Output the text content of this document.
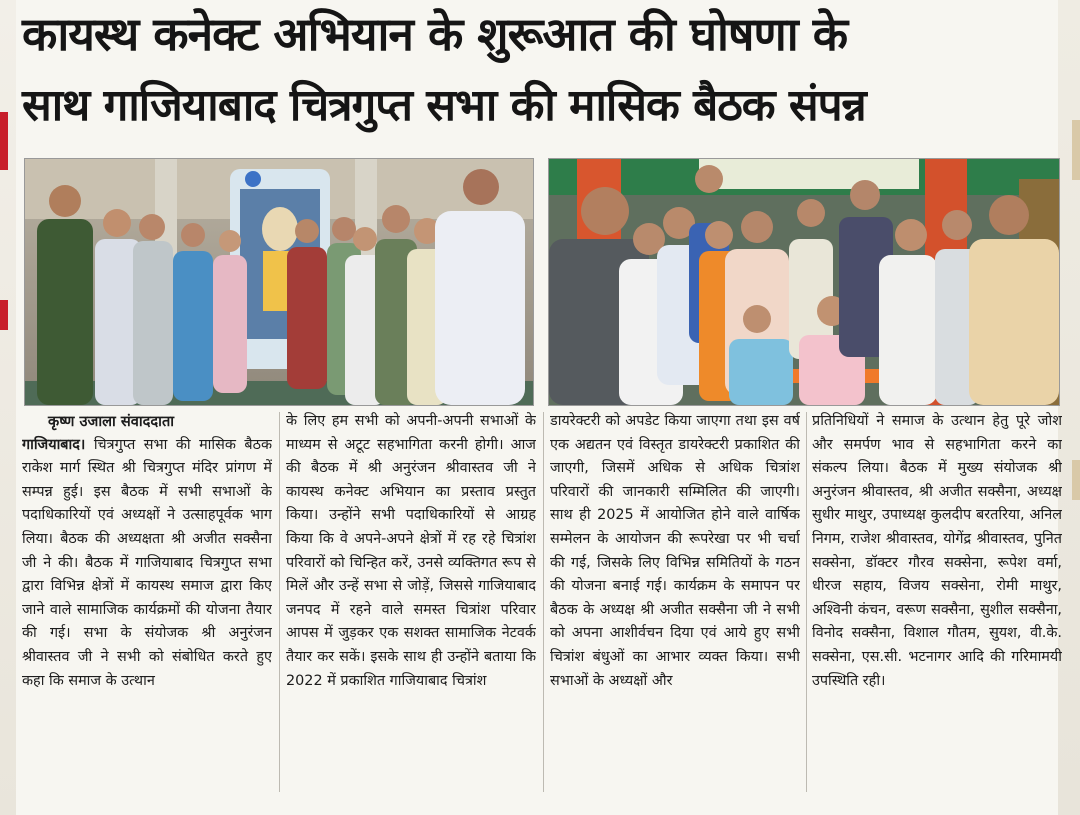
कायस्थ कनेक्ट अभियान के शुरूआत की घोषणा के
साथ गाजियाबाद चित्रगुप्त सभा की मासिक बैठक संपन्न
कृष्ण उजाला संवाददाता

गाजियाबाद। चित्रगुप्त सभा की मासिक बैठक राकेश मार्ग स्थित श्री चित्रगुप्त मंदिर प्रांगण में सम्पन्न हुई। इस बैठक में सभी सभाओं के पदाधिकारियों एवं अध्यक्षों ने उत्साहपूर्वक भाग लिया। बैठक की अध्यक्षता श्री अजीत सक्सैना जी ने की। बैठक में गाजियाबाद चित्रगुप्त सभा द्वारा विभिन्न क्षेत्रों में कायस्थ समाज द्वारा किए जाने वाले सामाजिक कार्यक्रमों की योजना तैयार की गई। सभा के संयोजक श्री अनुरंजन श्रीवास्तव जी ने सभी को संबोधित करते हुए कहा कि समाज के उत्थान

के लिए हम सभी को अपनी-अपनी सभाओं के माध्यम से अटूट सहभागिता करनी होगी। आज की बैठक में श्री अनुरंजन श्रीवास्तव जी ने कायस्थ कनेक्ट अभियान का प्रस्ताव प्रस्तुत किया। उन्होंने सभी पदाधिकारियों से आग्रह किया कि वे अपने-अपने क्षेत्रों में रह रहे चित्रांश परिवारों को चिन्हित करें, उनसे व्यक्तिगत रूप से मिलें और उन्हें सभा से जोड़ें, जिससे गाजियाबाद जनपद में रहने वाले समस्त चित्रांश परिवार आपस में जुड़कर एक सशक्त सामाजिक नेटवर्क तैयार कर सकें। इसके साथ ही उन्होंने बताया कि 2022 में प्रकाशित गाजियाबाद चित्रांश

डायरेक्टरी को अपडेट किया जाएगा तथा इस वर्ष एक अद्यतन एवं विस्तृत डायरेक्टरी प्रकाशित की जाएगी, जिसमें अधिक से अधिक चित्रांश परिवारों की जानकारी सम्मिलित की जाएगी। साथ ही 2025 में आयोजित होने वाले वार्षिक सम्मेलन के आयोजन की रूपरेखा पर भी चर्चा की गई, जिसके लिए विभिन्न समितियों के गठन की योजना बनाई गई। कार्यक्रम के समापन पर बैठक के अध्यक्ष श्री अजीत सक्सैना जी ने सभी को अपना आशीर्वचन दिया एवं आये हुए सभी चित्रांश बंधुओं का आभार व्यक्त किया। सभी सभाओं के अध्यक्षों और

प्रतिनिधियों ने समाज के उत्थान हेतु पूरे जोश और समर्पण भाव से सहभागिता करने का संकल्प लिया। बैठक में मुख्य संयोजक श्री अनुरंजन श्रीवास्तव, श्री अजीत सक्सैना, अध्यक्ष सुधीर माथुर, उपाध्यक्ष कुलदीप बरतरिया, अनिल निगम, राजेश श्रीवास्तव, योगेंद्र श्रीवास्तव, पुनित सक्सेना, डॉक्टर गौरव सक्सेना, रूपेश वर्मा, धीरज सहाय, विजय सक्सेना, रोमी माथुर, अश्विनी कंचन, वरूण सक्सैना, सुशील सक्सैना, विनोद सक्सैना, विशाल गौतम, सुयश, वी.के. सक्सेना, एस.सी. भटनागर आदि की गरिमामयी उपस्थिति रही।
